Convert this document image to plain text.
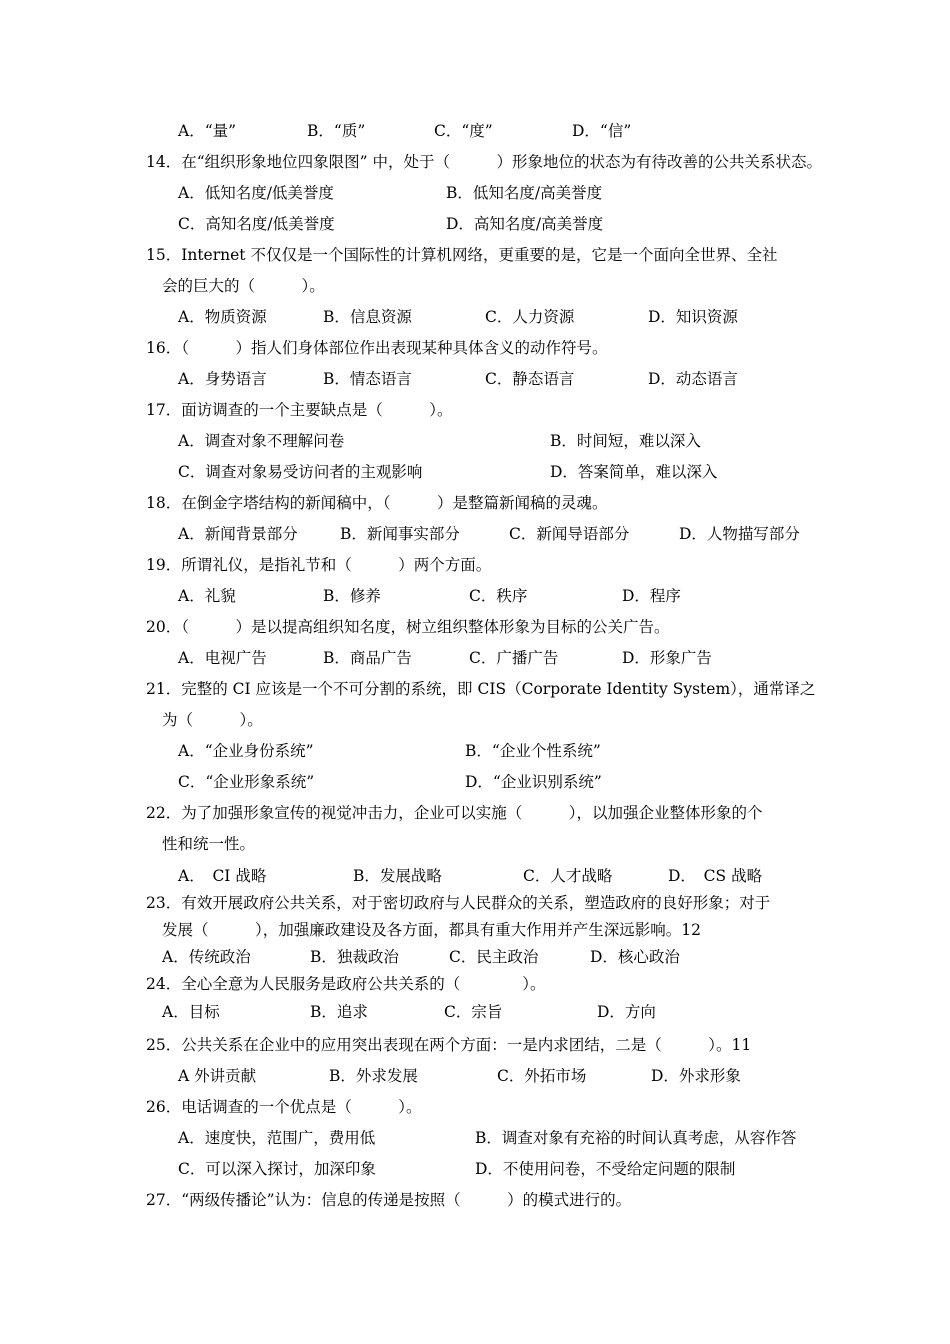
A．“量”	B．“质”	C．“度”	D．“信”
14．在“组织形象地位四象限图” 中，处于（　　　）形象地位的状态为有待改善的公共关系状态。
A．低知名度/低美誉度	B．低知名度/高美誉度
C．高知名度/低美誉度	D．高知名度/高美誉度
15．Internet 不仅仅是一个国际性的计算机网络，更重要的是，它是一个面向全世界、全社
会的巨大的（　　　）。
A．物质资源	B．信息资源	C．人力资源	D．知识资源
16．（　　　）指人们身体部位作出表现某种具体含义的动作符号。
A．身势语言	B．情态语言	C．静态语言	D．动态语言
17．面访调查的一个主要缺点是（　　　）。
A．调查对象不理解问卷	B．时间短，难以深入
C．调查对象易受访问者的主观影响	D．答案简单，难以深入
18．在倒金字塔结构的新闻稿中，（　　　）是整篇新闻稿的灵魂。
A．新闻背景部分	B．新闻事实部分	C．新闻导语部分	D．人物描写部分
19．所谓礼仪，是指礼节和（　　　）两个方面。
A．礼貌	B．修养	C．秩序	D．程序
20．（　　　）是以提高组织知名度，树立组织整体形象为目标的公关广告。
A．电视广告	B．商品广告	C．广播广告	D．形象广告
21．完整的 CI 应该是一个不可分割的系统，即 CIS（Corporate Identity System），通常译之
为（　　　）。
A．“企业身份系统”	B．“企业个性系统”
C．“企业形象系统”	D．“企业识别系统”
22．为了加强形象宣传的视觉冲击力，企业可以实施（　　　），以加强企业整体形象的个
性和统一性。
A．　CI 战略	B．发展战略	C．人才战略	D．　CS 战略
23．有效开展政府公共关系，对于密切政府与人民群众的关系，塑造政府的良好形象；对于
发展（　　　），加强廉政建设及各方面，都具有重大作用并产生深远影响。12
A．传统政治	B．独裁政治	C．民主政治	D．核心政治
24．全心全意为人民服务是政府公共关系的（　　　　）。
A．目标	B．追求	C．宗旨	D．方向
25．公共关系在企业中的应用突出表现在两个方面：一是内求团结，二是（　　　）。11
A 外讲贡献	B．外求发展	C．外拓市场	D．外求形象
26．电话调查的一个优点是（　　　）。
A．速度快，范围广，费用低	B．调查对象有充裕的时间认真考虑，从容作答
C．可以深入探讨，加深印象	D．不使用问卷，不受给定问题的限制
27．“两级传播论”认为：信息的传递是按照（　　　）的模式进行的。
